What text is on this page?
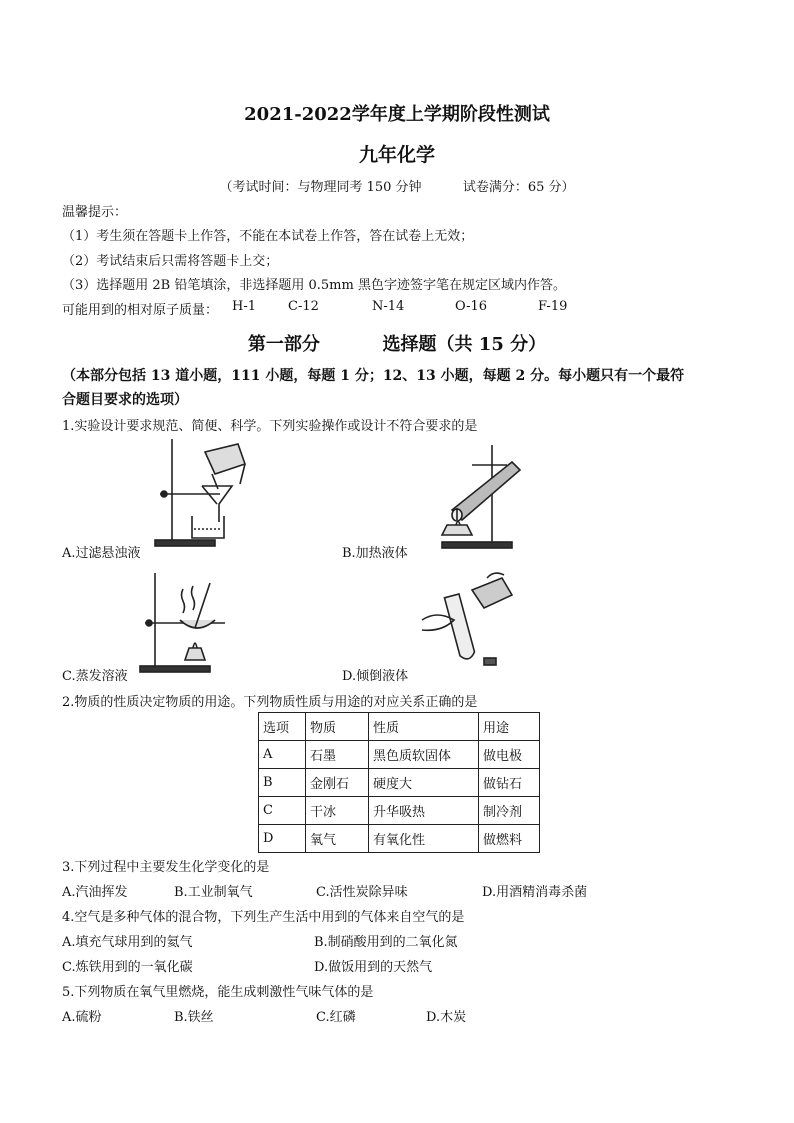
2021-2022学年度上学期阶段性测试
九年化学
（考试时间：与物理同考 150 分钟          试卷满分：65 分）
温馨提示：
（1）考生须在答题卡上作答，不能在本试卷上作答，答在试卷上无效；
（2）考试结束后只需将答题卡上交；
（3）选择题用 2B 铅笔填涂，非选择题用 0.5mm 黑色字迹签字笔在规定区域内作答。
可能用到的相对原子质量： H-1 C-12	N-14	O-16	F-19
第一部分          选择题（共 15 分）
（本部分包括 13 道小题，111 小题，每题 1 分；12、13 小题，每题 2 分。每小题只有一个最符
合题目要求的选项）
1.实验设计要求规范、简便、科学。下列实验操作或设计不符合要求的是
A.过滤悬浊液	B.加热液体
C.蒸发溶液	D.倾倒液体
2.物质的性质决定物质的用途。下列物质性质与用途的对应关系正确的是
选项	物质	性质	用途
A	石墨	黑色质软固体	做电极
B	金刚石	硬度大	做钻石
C	干冰	升华吸热	制冷剂
D	氧气	有氧化性	做燃料
3.下列过程中主要发生化学变化的是
A.汽油挥发	B.工业制氧气	C.活性炭除异味	D.用酒精消毒杀菌
4.空气是多种气体的混合物，下列生产生活中用到的气体来自空气的是
A.填充气球用到的氦气	B.制硝酸用到的二氧化氮
C.炼铁用到的一氧化碳	D.做饭用到的天然气
5.下列物质在氧气里燃烧，能生成刺激性气味气体的是
A.硫粉	B.铁丝	C.红磷	D.木炭
